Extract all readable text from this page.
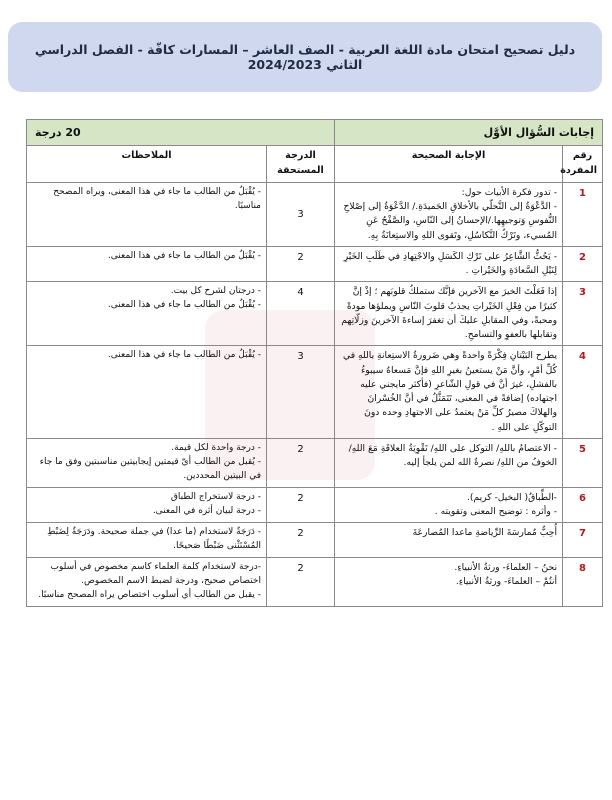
دليل تصحيح امتحان مادة اللغة العربية - الصف العاشر – المسارات كافّة - الفصل الدراسي الثاني 2024/2023
إجابات السُّؤال الأوَّل		20 درجة	
رقم المفردة	الإجابة الصحيحة	الدرجة المستحقة	الملاحظات
1	- تدور فكرة الأبيات حول:
- الدَّعْوَةُ إلى التَّحلّي بالأخلاقِ الحَميدَةِ./ الدَّعْوَةُ إلى إصْلاحِ النُّفوسِ وَتوجيهِها./الإحسانُ إلى النّاسِ، والصَّفْحُ عَنِ المُسيء، وتَرْكُ التَّكاسُلِ، وتَقوى اللهِ والاستِعانَةُ بِهِ.	3	- يُقْبَلُ من الطالب ما جاء في هذا المعنى، ويراه المصحح مناسبًا.
2	- يَحُثُّ الشَّاعِرُ على تَرْكِ الكَسَلِ والاجْتِهادِ في طَلَبِ الخَيْرِ لِنَيْلِ السَّعادَةِ والخَيْراتِ .	2	- يُقْبَلُ من الطالب ما جاء في هذا المعنى.
3	إذا فَعَلْتَ الخيرَ مع الآخرين فإنَّك ستملكُ قلوبَهم ؛ إذْ إنَّ كثيرًا من فِعْلِ الخَيْراتِ يجذبُ قلوبَ النّاسِ ويملؤها مودةً ومحبةً، وفي المقابلِ عليكَ أن تغفرَ إساءةَ الآخرينَ وزلّاتِهم وتقابلها بالعفوِ والتسامحِ.	4	- درجتان لشرح كل بيت.
- يُقْبَلُ من الطالب ما جاء في هذا المعنى.
4	يطرح البَيْتانِ فِكْرَةً واحدةً وهي ضَرورةُ الاستِعانةِ باللهِ في كُلِّ أمْرٍ، وأنَّ مَنْ يستعينُ بغيرِ اللهِ فإنَّ مَسعاهُ سيبوءُ بالفشلِ، غيرَ أنَّ في قولِ الشّاعرِ (فأكثر مايجني عليه اجتهاده) إضافةً في المعنى، تَتَمَثَّلُ في أنَّ الخُسْرانَ والهلاكَ مصيرُ كلِّ مَنْ يعتمدُ على الاجتهادِ وحده دونَ التوكّلِ على اللهِ .	3	- يُقْبَلُ من الطالب ما جاء في هذا المعنى.
5	- الاعتصامُ باللهِ/ التوكل على اللهِ/ تَقْوِيَةُ العلاقَةِ مَعَ اللهِ/الخوفُ من اللهِ/ نصرةُ الله لمن يلجأ إليه.	2	- درجة واحدة لكل قيمة.
- يُقبل من الطالب أيّ قيمتين إيجابيتين مناسبتين وفق ما جاء في البيتين المحددين.
6	-الطِّباقُ( البخيل- كريم).
- وأثره : توضيح المعنى وتقويته .	2	- درجة لاستخراج الطباق
- درجة لبيان أثره في المعنى.
7	أُحِبُّ مُمارسَةَ الرِّياضةِ ماعدا المُصارعَةَ	2	- دَرَجَةٌ لاستخدام (ما عدا) في جملة صحيحة. ودَرَجَةٌ لِضَبْطِ المُسْتَثْنى ضَبْطًا صَحيحًا.
8	نحنُ – العلماءَ- ورثةُ الأنبياءِ.
أنتُمْ – العلماءَ- ورثةُ الأنبياءِ.	2	-درجة لاستخدام كلمة العلماء كاسم مخصوص في أسلوب اختصاص صحيح، ودرجة لضبط الاسم المخصوص.
- يقبل من الطالب أي أسلوب اختصاص يراه المصحح مناسبًا.
